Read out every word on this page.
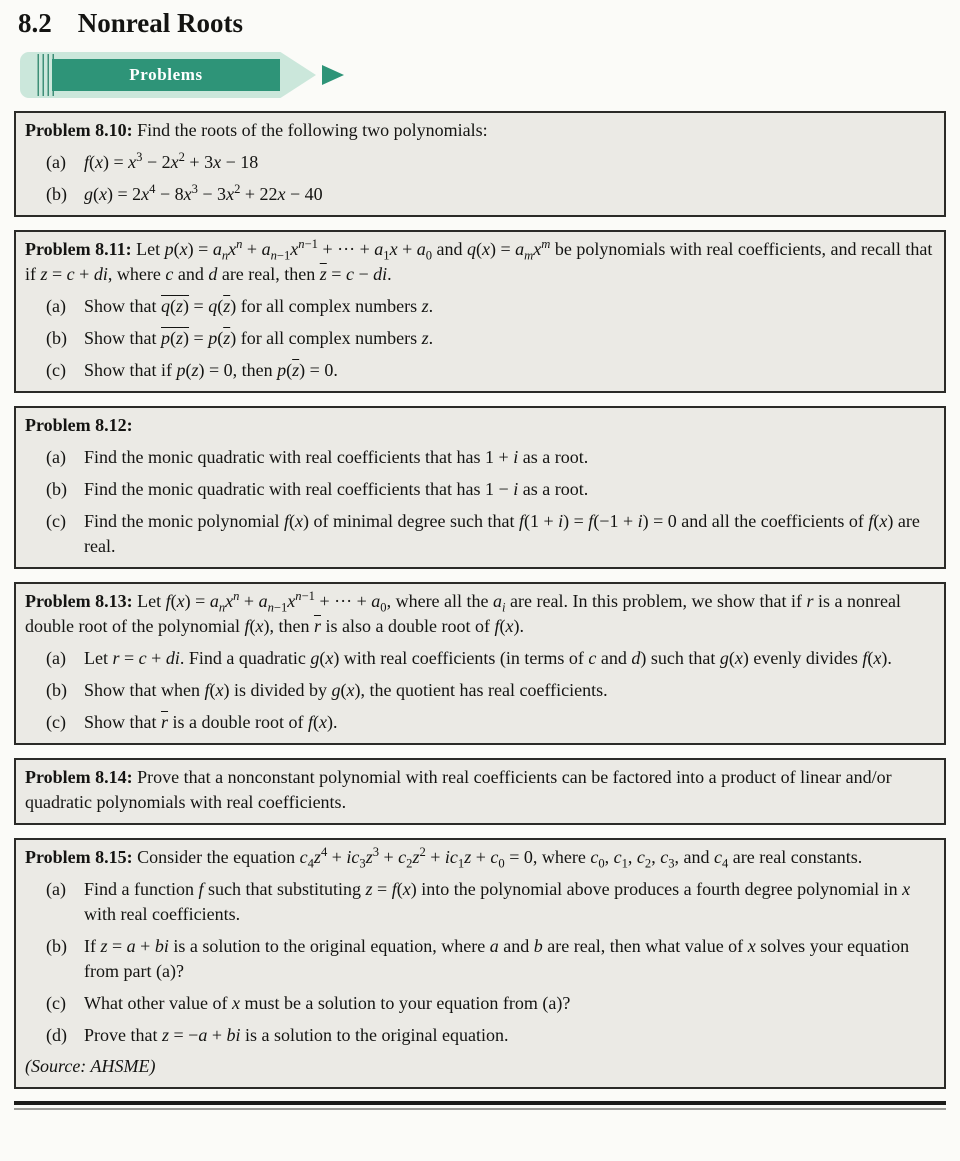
8.2 Nonreal Roots
Problems

Problem 8.10: Find the roots of the following two polynomials:

(a)	$f(x) = x^3 - 2x^2 + 3x - 18$
(b) $g(x) = 2x^4 - 8x^3 - 3x^2 + 22x - 40$

Problem 8.11: Let $p(x) = a_nx^n + a_{n-1}x^{n-1}$ + ··· + $a_1x + a_0$ and $q(x) = a_mx^m$ be polynomials with real coefficients, and recall that if z = c + di, where c and d are real, then $\overline{z} = c$ − di.

(a)	Show that $q(z) = q(\overline{z})$ for all complex numbers z.
(b) Show that $p(z) = p(\overline{z})$ for all complex numbers z.
(c)	Show that if p(z) = 0, then $p(\overline{z}) = 0$.

Problem 8.12:

(a)	Find the monic quadratic with real coefficients that has 1 + i as a root.
(b) Find the monic quadratic with real coefficients that has 1 − i as a root.
(c)	Find the monic polynomial f(x) of minimal degree such that f(1 + i) = f(−1 + i) = 0 and all the coefficients of f(x) are real.

Problem 8.13: Let $f(x) = a_nx^n + a_{n-1}x^{n-1}$ + ··· + $a_0$, where all the $a_i$ are real. In this problem, we show that if r is a nonreal double root of the polynomial f(x), then $\overline{r}$ is also a double root of f(x).

(a)	Let r = c + di. Find a quadratic g(x) with real coefficients (in terms of c and d) such that g(x) evenly divides f(x).
(b) Show that when f(x) is divided by g(x), the quotient has real coefficients.
(c)	Show that $\overline{r}$ is a double root of f(x).

Problem 8.14: Prove that a nonconstant polynomial with real coefficients can be factored into a product of linear and/or quadratic polynomials with real coefficients.

Problem 8.15: Consider the equation $c_4z^4 + ic_3z^3 + c_2z^2 + ic_1z + c_0 = 0$, where $c_0$, $c_1$, $c_2$, $c_3$, and $c_4$ are real constants.

(a)	Find a function f such that substituting z = f(x) into the polynomial above produces a fourth degree polynomial in x with real coefficients.
(b) If z = a + bi is a solution to the original equation, where a and b are real, then what value of x solves your equation from part (a)?
(c)	What other value of x must be a solution to your equation from (a)?
(d) Prove that z = −a + bi is a solution to the original equation.

(Source: AHSME)
